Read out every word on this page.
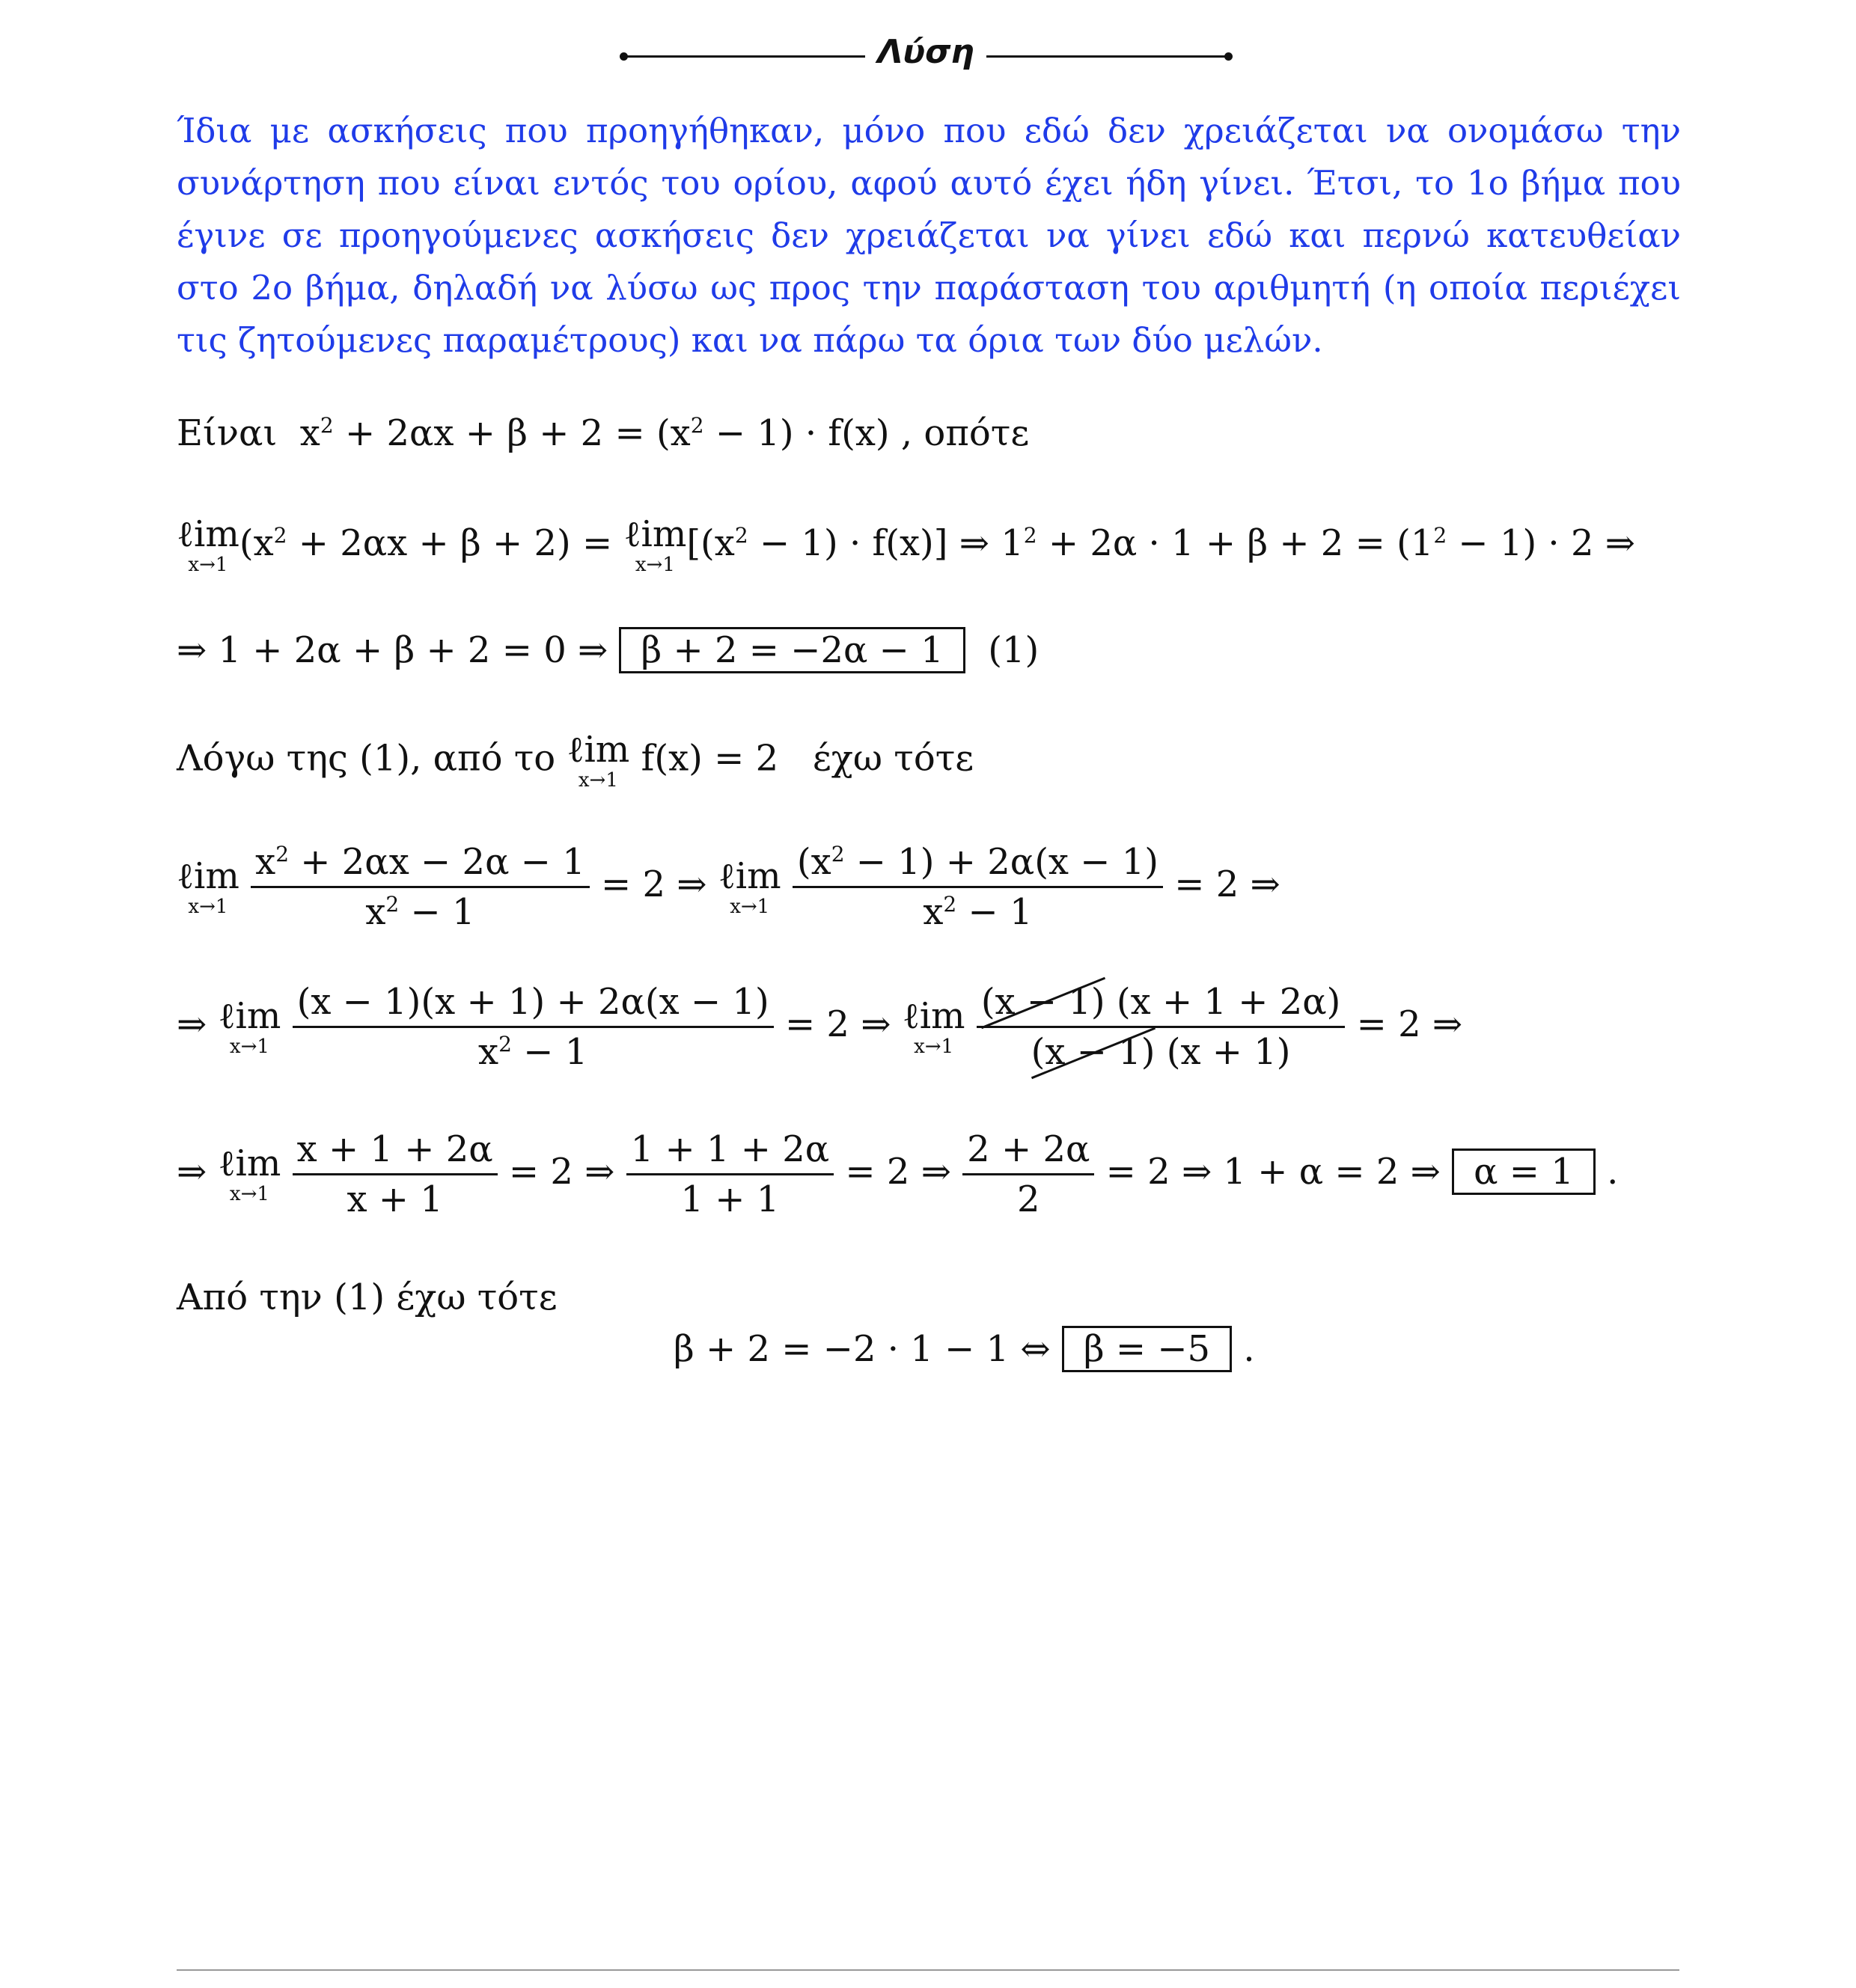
Λύση

Ίδια με ασκήσεις που προηγήθηκαν, μόνο που εδώ δεν χρειάζεται να ονομάσω την συνάρτηση που είναι εντός του ορίου, αφού αυτό έχει ήδη γίνει. Έτσι, το 1ο βήμα που έγινε σε προηγούμενες ασκήσεις δεν χρειάζεται να γίνει εδώ και περνώ κατευθείαν στο 2ο βήμα, δηλαδή να λύσω ως προς την παράσταση του αριθμητή (η οποία περιέχει τις ζητούμενες παραμέτρους) και να πάρω τα όρια των δύο μελών.

Είναι  $x^2 + 2\alpha x + \beta + 2 = (x^2 - 1) \cdot f(x)$ , οπότε
ℓim
x→1
$(x^2 + 2\alpha x + \beta + 2)$ = ℓim
x→1
$[(x^2 - 1) \cdot f(x)]$ ⇒ $1^2 + 2\alpha \cdot 1 + \beta + 2 = (1^2 - 1) \cdot 2$ ⇒
⇒ 1 + 2α + β + 2 = 0 ⇒ β + 2 = −2α − 1 (1)
Λόγω της (1), από το ℓim
x→1
f(x) = 2   έχω τότε
ℓim
x→1
$\frac{x^2 + 2\alpha x - 2\alpha - 1}{x^2 - 1} = 2$ ⇒ ℓim
x→1
$\frac{(x^2 - 1) + 2\alpha(x - 1)}{x^2 - 1} = 2$ ⇒
⇒ ℓim
x→1
$\frac{(x - 1)(x + 1) + 2\alpha(x - 1)}{x^2 - 1} = 2$ ⇒ ℓim
x→1
$\frac{(x - 1) (x + 1 + 2\alpha)}{(x - 1) (x + 1)} = 2$ ⇒
⇒ ℓim
x→1
$\frac{x + 1 + 2\alpha}{x + 1} = 2$ ⇒ $\frac{1 + 1 + 2\alpha}{1 + 1} = 2$ ⇒ $\frac{2 + 2\alpha}{2} = 2$ ⇒ 1 + α = 2 ⇒ α = 1 .
Από την (1) έχω τότε
β + 2 = −2 · 1 − 1 ⇔ β = −5 .
